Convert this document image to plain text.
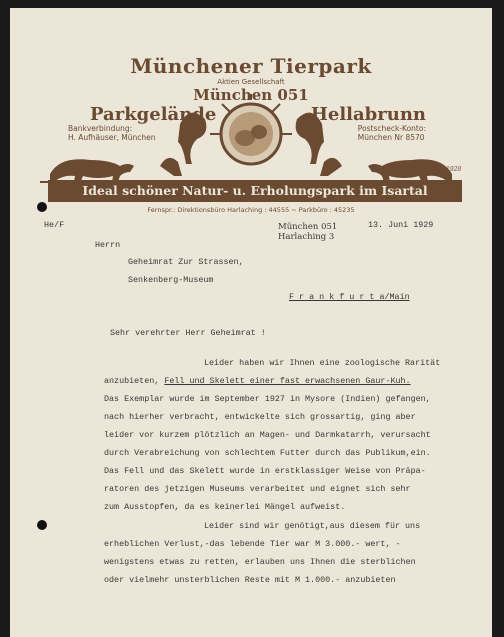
Münchener Tierpark
Aktien Gesellschaft
München 051
Parkgelände	Hellabrunn
Bankverbindung:
H. Aufhäuser, München
Postscheck-Konto:
München Nr 8570
Ideal schöner Natur- u. Erholungspark im Isartal
Fernspr.: Direktionsbüro Harlaching : 44555 ~ Parkbüro : 45235
1928
He/F	München 051
Harlaching 3
13. Juni 1929
Herrn
Geheimrat Zur Strassen,
Senkenberg-Museum
F r a n k f u r t a/Main
Sehr verehrter Herr Geheimrat !
Leider haben wir Ihnen eine zoologische Rarität
anzubieten, Fell und Skelett einer fast erwachsenen Gaur-Kuh.
Das Exemplar wurde im September 1927 in Mysore (Indien) gefangen,
nach hierher verbracht, entwickelte sich grossartig, ging aber
leider vor kurzem plötzlich an Magen- und Darmkatarrh, verursacht
durch Verabreichung von schlechtem Futter durch das Publikum,ein.
Das Fell und das Skelett wurde in erstklassiger Weise von Präpa-
ratoren des jetzigen Museums verarbeitet und eignet sich sehr
zum Ausstopfen, da es keinerlei Mängel aufweist.
Leider sind wir genötigt,aus diesem für uns
erheblichen Verlust,-das lebende Tier war M 3.000.- wert, -
wenigstens etwas zu retten, erlauben uns Ihnen die sterblichen
oder vielmehr unsterblichen Reste mit M 1.000.- anzubieten
